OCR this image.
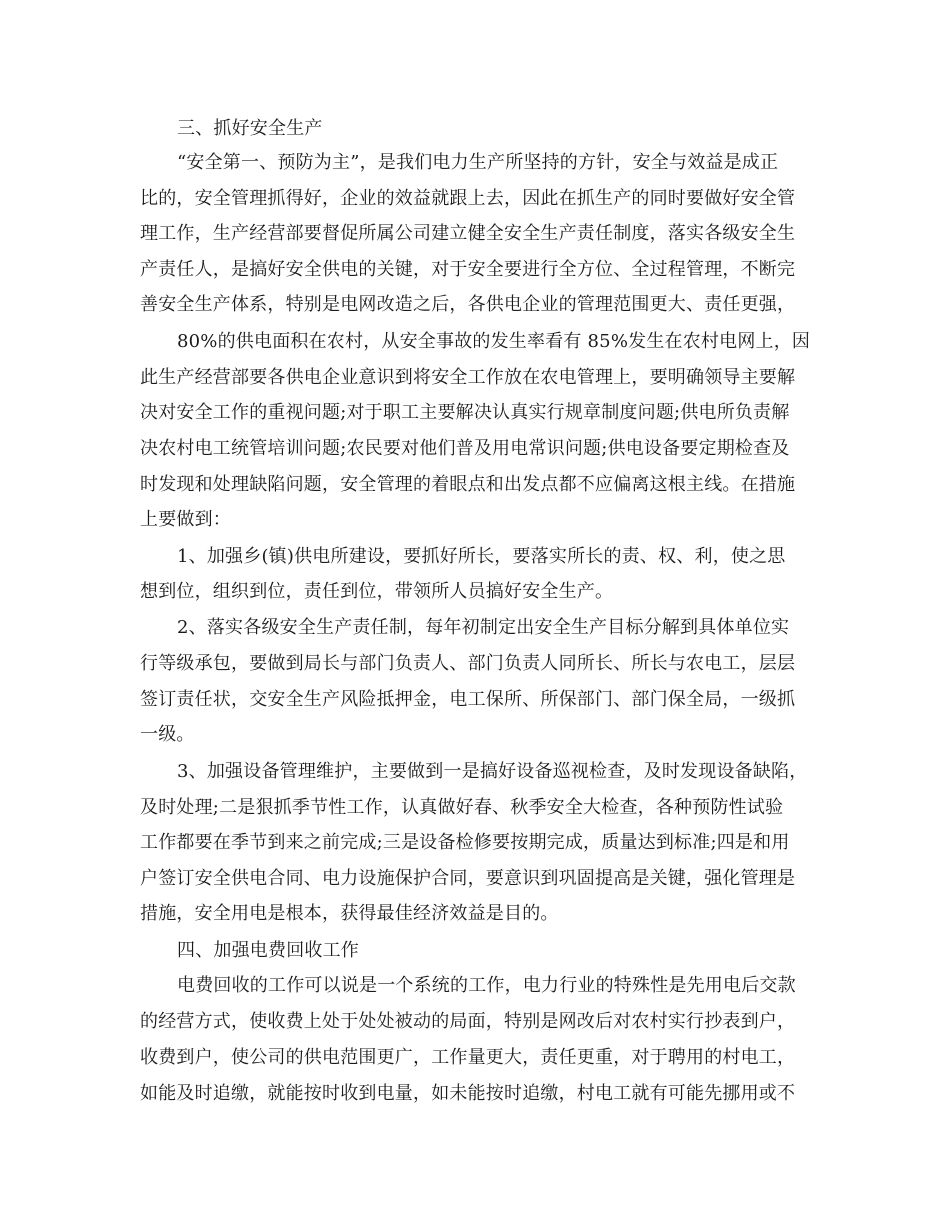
三、抓好安全生产
“安全第一、预防为主”，是我们电力生产所坚持的方针，安全与效益是成正
比的，安全管理抓得好，企业的效益就跟上去，因此在抓生产的同时要做好安全管
理工作，生产经营部要督促所属公司建立健全安全生产责任制度，落实各级安全生
产责任人，是搞好安全供电的关键，对于安全要进行全方位、全过程管理，不断完
善安全生产体系，特别是电网改造之后，各供电企业的管理范围更大、责任更强，
80%的供电面积在农村，从安全事故的发生率看有 85%发生在农村电网上，因
此生产经营部要各供电企业意识到将安全工作放在农电管理上，要明确领导主要解
决对安全工作的重视问题;对于职工主要解决认真实行规章制度问题;供电所负责解
决农村电工统管培训问题;农民要对他们普及用电常识问题;供电设备要定期检查及
时发现和处理缺陷问题，安全管理的着眼点和出发点都不应偏离这根主线。在措施
上要做到：
1、加强乡(镇)供电所建设，要抓好所长，要落实所长的责、权、利，使之思
想到位，组织到位，责任到位，带领所人员搞好安全生产。
2、落实各级安全生产责任制，每年初制定出安全生产目标分解到具体单位实
行等级承包，要做到局长与部门负责人、部门负责人同所长、所长与农电工，层层
签订责任状，交安全生产风险抵押金，电工保所、所保部门、部门保全局，一级抓
一级。
3、加强设备管理维护，主要做到一是搞好设备巡视检查，及时发现设备缺陷，
及时处理;二是狠抓季节性工作，认真做好春、秋季安全大检查，各种预防性试验
工作都要在季节到来之前完成;三是设备检修要按期完成，质量达到标准;四是和用
户签订安全供电合同、电力设施保护合同，要意识到巩固提高是关键，强化管理是
措施，安全用电是根本，获得最佳经济效益是目的。
四、加强电费回收工作
电费回收的工作可以说是一个系统的工作，电力行业的特殊性是先用电后交款
的经营方式，使收费上处于处处被动的局面，特别是网改后对农村实行抄表到户，
收费到户，使公司的供电范围更广，工作量更大，责任更重，对于聘用的村电工，
如能及时追缴，就能按时收到电量，如未能按时追缴，村电工就有可能先挪用或不
